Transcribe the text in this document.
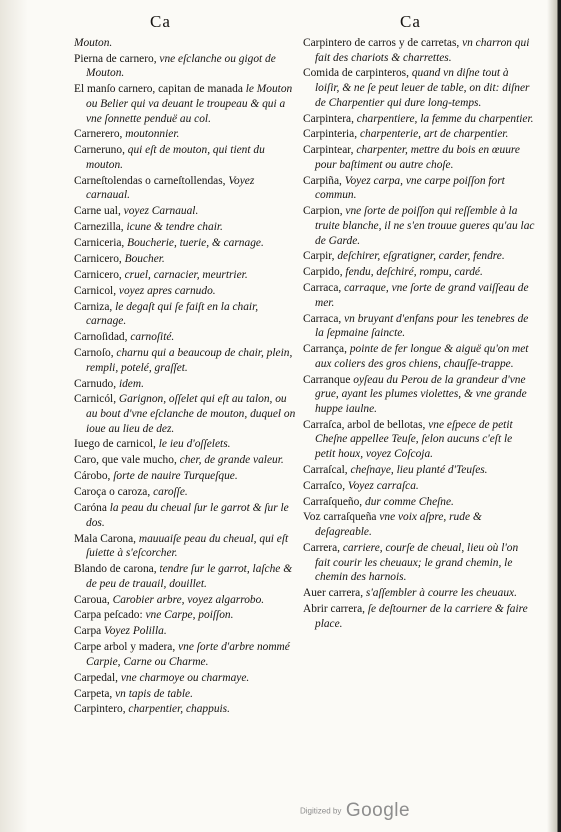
Ca	Ca
Mouton.
Pierna de carnero, vne eſclanche ou gigot de Mouton.
El manſo carnero, capitan de manada le Mouton ou Belier qui va deuant le troupeau & qui a vne ſonnette penduë au col.
Carnerero, moutonnier.
Carneruno, qui eſt de mouton, qui tient du mouton.
Carneſtolendas o carneſtollendas, Voyez carnaual.
Carne ual, voyez Carnaual.
Carnezilla, icune & tendre chair.
Carniceria, Boucherie, tuerie, & carnage.
Carnicero, Boucher.
Carnicero, cruel, carnacier, meurtrier.
Carnicol, voyez apres carnudo.
Carniza, le degaſt qui ſe faiſt en la chair, carnage.
Carnoſidad, carnoſité.
Carnoſo, charnu qui a beaucoup de chair, plein, rempli, potelé, graſſet.
Carnudo, idem.
Carnicól, Garignon, oſſelet qui eſt au talon, ou au bout d'vne eſclanche de mouton, duquel on ioue au lieu de dez.
Iuego de carnicol, le ieu d'oſſelets.
Caro, que vale mucho, cher, de grande valeur.
Cárobo, ſorte de nauire Turqueſque.
Caroça o caroza, caroſſe.
Caróna la peau du cheual ſur le garrot & ſur le dos.
Mala Carona, mauuaiſe peau du cheual, qui eſt ſuiette à s'eſcorcher.
Blando de carona, tendre ſur le garrot, laſche & de peu de trauail, douillet.
Caroua, Carobier arbre, voyez algarrobo.
Carpa peſcado: vne Carpe, poiſſon.
Carpa Voyez Polilla.
Carpe arbol y madera, vne ſorte d'arbre nommé Carpie, Carne ou Charme.
Carpedal, vne charmoye ou charmaye.
Carpeta, vn tapis de table.
Carpintero, charpentier, chappuis.
Carpintero de carros y de carretas, vn charron qui fait des chariots & charrettes.
Comida de carpinteros, quand vn diſne tout à loiſir, & ne ſe peut leuer de table, on dit: diſner de Charpentier qui dure long-temps.
Carpintera, charpentiere, la femme du charpentier.
Carpinteria, charpenterie, art de charpentier.
Carpintear, charpenter, mettre du bois en œuure pour baſtiment ou autre choſe.
Carpiña, Voyez carpa, vne carpe poiſſon fort commun.
Carpion, vne ſorte de poiſſon qui reſſemble à la truite blanche, il ne s'en trouue gueres qu'au lac de Garde.
Carpir, deſchirer, eſgratigner, carder, fendre.
Carpido, fendu, deſchiré, rompu, cardé.
Carraca, carraque, vne ſorte de grand vaiſſeau de mer.
Carraca, vn bruyant d'enfans pour les tenebres de la ſepmaine ſaincte.
Carrança, pointe de fer longue & aiguë qu'on met aux coliers des gros chiens, chauſſe-trappe.
Carranque oyſeau du Perou de la grandeur d'vne grue, ayant les plumes violettes, & vne grande huppe iaulne.
Carraſca, arbol de bellotas, vne eſpece de petit Cheſne appellee Teuſe, ſelon aucuns c'eſt le petit houx, voyez Coſcoja.
Carraſcal, cheſnaye, lieu planté d'Teuſes.
Carraſco, Voyez carraſca.
Carraſqueño, dur comme Cheſne.
Voz carraſqueña vne voix aſpre, rude & deſagreable.
Carrera, carriere, courſe de cheual, lieu où l'on fait courir les cheuaux; le grand chemin, le chemin des harnois.
Auer carrera, s'aſſembler à courre les cheuaux.
Abrir carrera, ſe deſtourner de la carriere & faire place.
Digitized by Google
